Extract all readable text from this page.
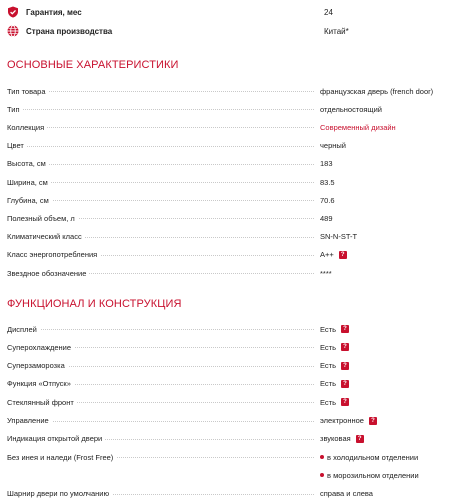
Гарантия, мес	24
Страна производства	Китай*
ОСНОВНЫЕ ХАРАКТЕРИСТИКИ
Тип товара	французская дверь (french door)
Тип	отдельностоящий
Коллекция	Современный дизайн
Цвет	черный
Высота, см	183
Ширина, см	83.5
Глубина, см	70.6
Полезный объем, л	489
Климатический класс	SN-N-ST-T
Класс энергопотребления	A++	?
Звездное обозначение	****
ФУНКЦИОНАЛ И КОНСТРУКЦИЯ
Дисплей	Есть	?
Суперохлаждение	Есть	?
Суперзаморозка	Есть	?
Функция «Отпуск»	Есть	?
Стеклянный фронт	Есть	?
Управление	электронное	?
Индикация открытой двери	звуковая	?
Без инея и наледи (Frost Free)	в холодильном отделении
в морозильном отделении
Шарнир двери по умолчанию	справа и слева
